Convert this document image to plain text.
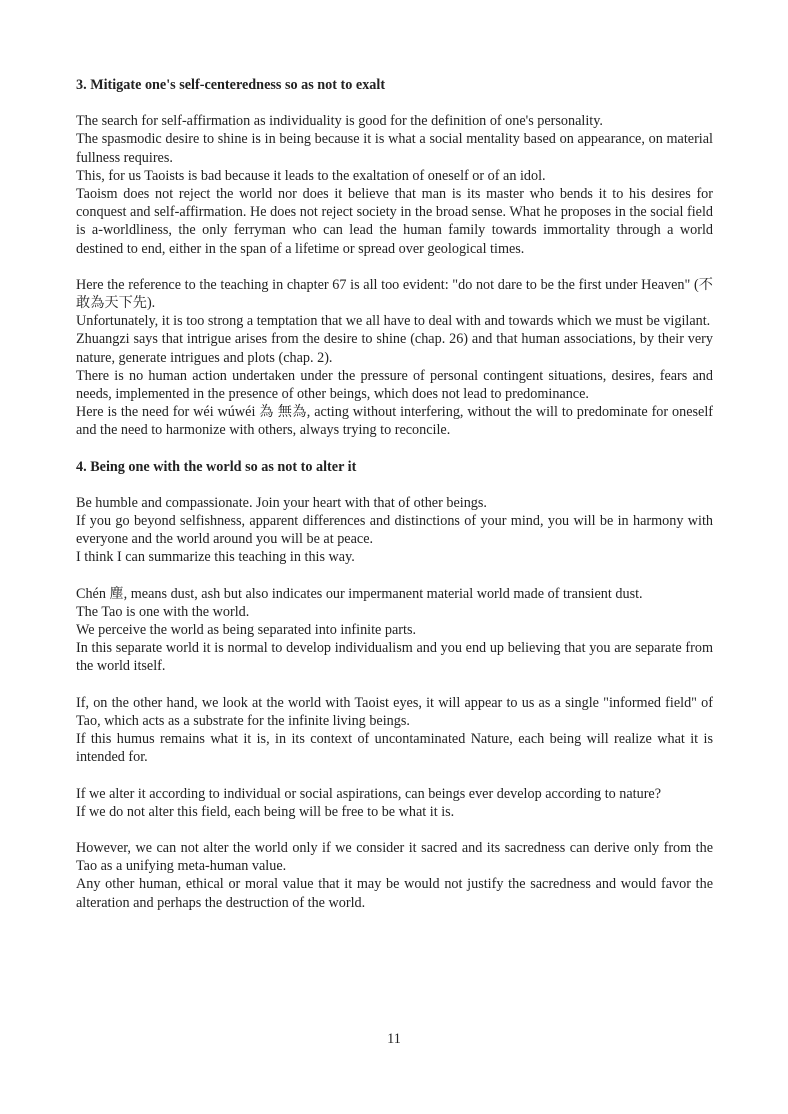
3. Mitigate one's self-centeredness so as not to exalt

The search for self-affirmation as individuality is good for the definition of one's personality.

The spasmodic desire to shine is in being because it is what a social mentality based on appearance, on material fullness requires.

This, for us Taoists is bad because it leads to the exaltation of oneself or of an idol.

Taoism does not reject the world nor does it believe that man is its master who bends it to his desires for conquest and self-affirmation. He does not reject society in the broad sense. What he proposes in the social field is a-worldliness, the only ferryman who can lead the human family towards immortality through a world destined to end, either in the span of a lifetime or spread over geological times.

Here the reference to the teaching in chapter 67 is all too evident: "do not dare to be the first under Heaven" (不 敢為天下先).

Unfortunately, it is too strong a temptation that we all have to deal with and towards which we must be vigilant.

Zhuangzi says that intrigue arises from the desire to shine (chap. 26) and that human associations, by their very nature, generate intrigues and plots (chap. 2).

There is no human action undertaken under the pressure of personal contingent situations, desires, fears and needs, implemented in the presence of other beings, which does not lead to predominance.

Here is the need for wéi wúwéi 為 無為, acting without interfering, without the will to predominate for oneself and the need to harmonize with others, always trying to reconcile.

4. Being one with the world so as not to alter it

Be humble and compassionate. Join your heart with that of other beings.

If you go beyond selfishness, apparent differences and distinctions of your mind, you will be in harmony with everyone and the world around you will be at peace.

I think I can summarize this teaching in this way.

Chén 塵, means dust, ash but also indicates our impermanent material world made of transient dust.

The Tao is one with the world.

We perceive the world as being separated into infinite parts.

In this separate world it is normal to develop individualism and you end up believing that you are separate from the world itself.

If, on the other hand, we look at the world with Taoist eyes, it will appear to us as a single "informed field" of Tao, which acts as a substrate for the infinite living beings.

If this humus remains what it is, in its context of uncontaminated Nature, each being will realize what it is intended for.

If we alter it according to individual or social aspirations, can beings ever develop according to nature?

If we do not alter this field, each being will be free to be what it is.

However, we can not alter the world only if we consider it sacred and its sacredness can derive only from the Tao as a unifying meta-human value.

Any other human, ethical or moral value that it may be would not justify the sacredness and would favor the alteration and perhaps the destruction of the world.

11
